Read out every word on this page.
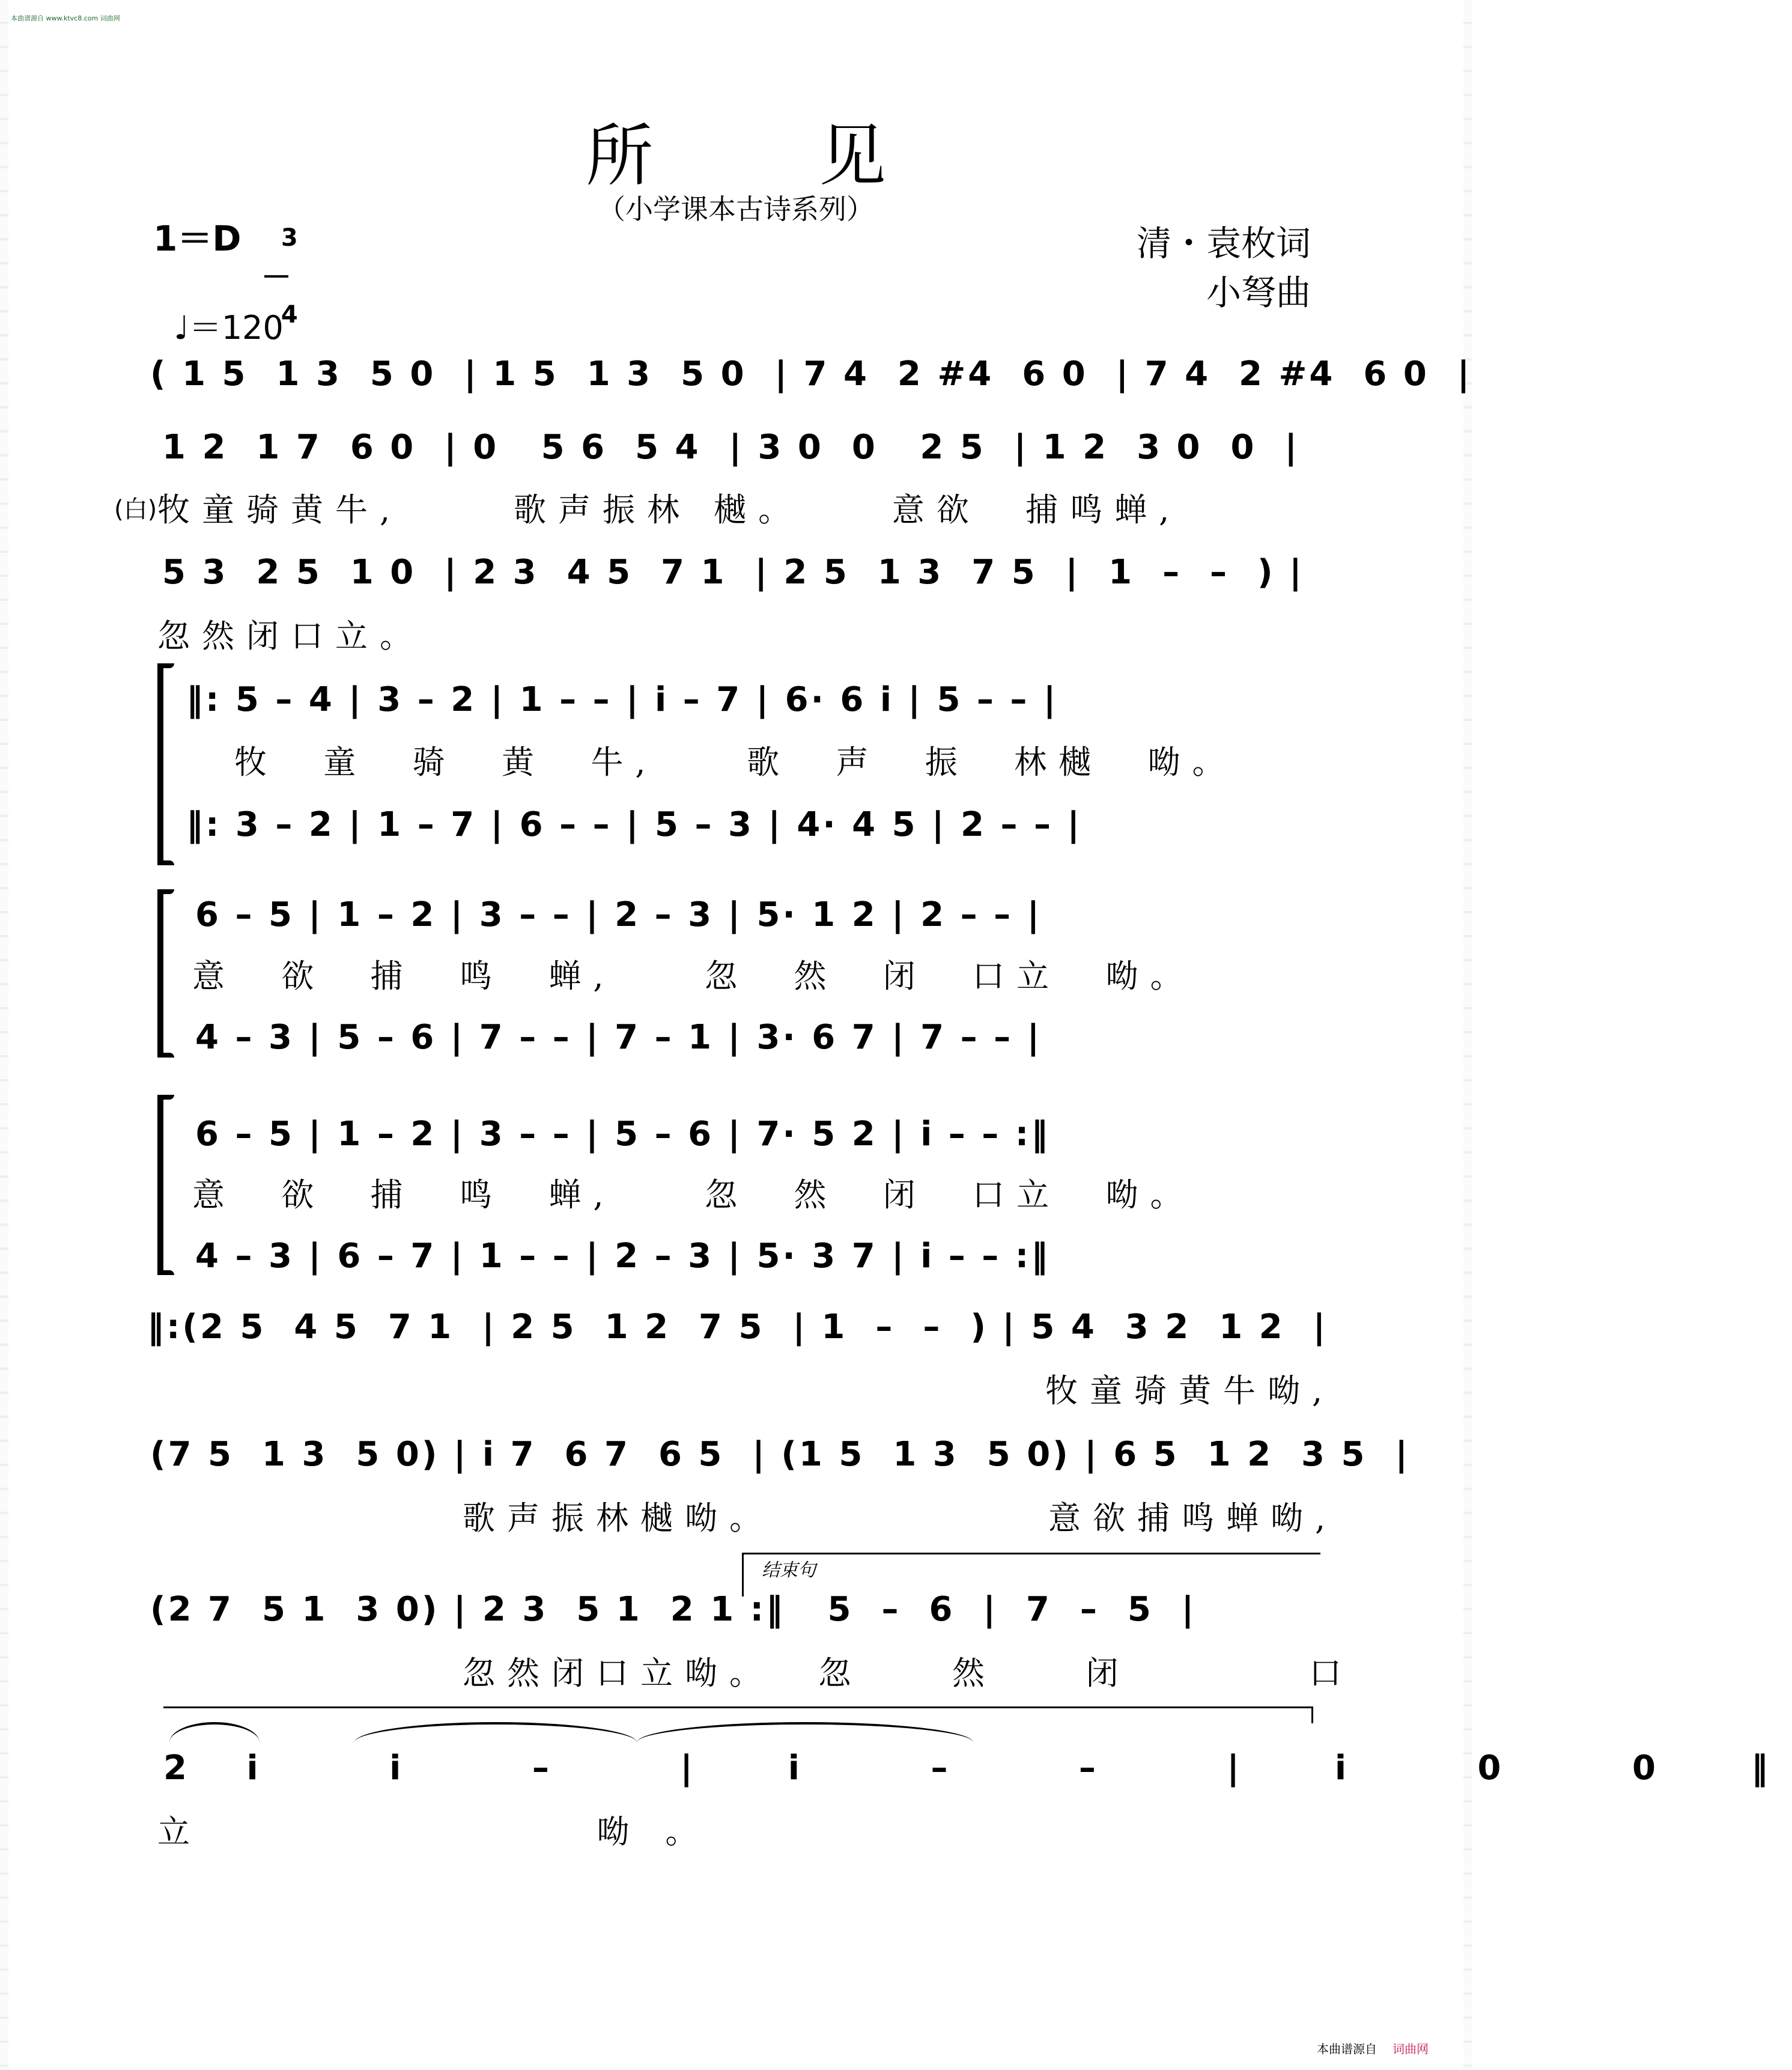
本曲谱源自 www.ktvc8.com 词曲网
所 见
（小学课本古诗系列）
清・袁枚词
小弩曲
1＝D	3

4

♩＝120

( 1 5  1 3  5 0  | 1 5  1 3  5 0  | 7 4  2 #4  6 0  | 7 4  2 #4  6 0  |
1 2  1 7  6 0  | 0   5 6  5 4  | 3 0  0   2 5  | 1 2  3 0  0  |
(白) 牧童骑黄牛,     歌声振林 樾。    意欲  捕鸣蝉,
5 3  2 5  1 0  | 2 3  4 5  7 1  | 2 5  1 3  7 5  |  1  –  –  ) |
忽然闭口立。
‖: 5 – 4 | 3 – 2 | 1 – – | i – 7 | 6· 6 i | 5 – – |
牧  童  骑  黄  牛,    歌  声  振  林樾  呦。
‖: 3 – 2 | 1 – 7 | 6 – – | 5 – 3 | 4· 4 5 | 2 – – |
6 – 5 | 1 – 2 | 3 – – | 2 – 3 | 5· 1 2 | 2 – – |
意  欲  捕  鸣  蝉,    忽  然  闭  口立  呦。
4 – 3 | 5 – 6 | 7 – – | 7 – 1 | 3· 6 7 | 7 – – |
6 – 5 | 1 – 2 | 3 – – | 5 – 6 | 7· 5 2 | i – – :‖
意  欲  捕  鸣  蝉,    忽  然  闭  口立  呦。
4 – 3 | 6 – 7 | 1 – – | 2 – 3 | 5· 3 7 | i – – :‖
‖:(2 5  4 5  7 1  | 2 5  1 2  7 5  | 1  –  –  ) | 5 4  3 2  1 2  |
牧童骑黄牛呦,
(7 5  1 3  5 0) | i 7  6 7  6 5  | (1 5  1 3  5 0) | 6 5  1 2  3 5  |
歌声振林樾呦。	意欲捕鸣蝉呦,
结束句
(2 7  5 1  3 0) | 2 3  5 1  2 1 :‖   5  –  6  |  7  –  5  |
忽然闭口立呦。  忽    然    闭        口
2 i   i   –   |  i   –   –   |  i   0   0  ‖
立        呦。
本曲谱源自 词曲网
